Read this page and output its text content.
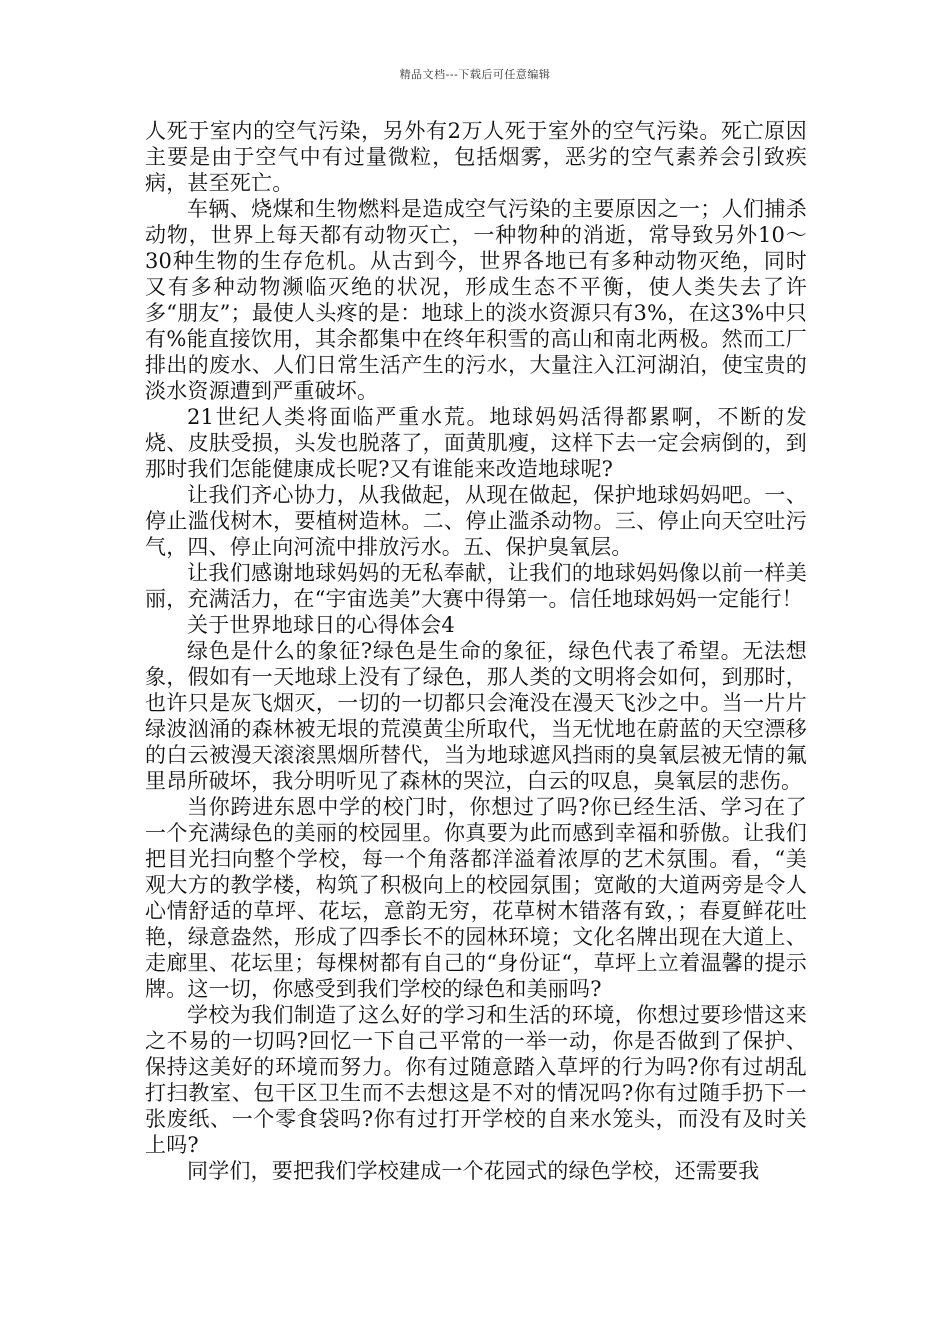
精品文档---下载后可任意编辑

人死于室内的空气污染，另外有2万人死于室外的空气污染。死亡原因主要是由于空气中有过量微粒，包括烟雾，恶劣的空气素养会引致疾病，甚至死亡。

车辆、烧煤和生物燃料是造成空气污染的主要原因之一；人们捕杀动物，世界上每天都有动物灭亡，一种物种的消逝，常导致另外10～30种生物的生存危机。从古到今，世界各地已有多种动物灭绝，同时又有多种动物濒临灭绝的状况，形成生态不平衡，使人类失去了许多“朋友”；最使人头疼的是：地球上的淡水资源只有3%，在这3%中只有%能直接饮用，其余都集中在终年积雪的高山和南北两极。然而工厂排出的废水、人们日常生活产生的污水，大量注入江河湖泊，使宝贵的淡水资源遭到严重破坏。

21世纪人类将面临严重水荒。地球妈妈活得都累啊，不断的发烧、皮肤受损，头发也脱落了，面黄肌瘦，这样下去一定会病倒的，到那时我们怎能健康成长呢?又有谁能来改造地球呢?

让我们齐心协力，从我做起，从现在做起，保护地球妈妈吧。一、停止滥伐树木，要植树造林。二、停止滥杀动物。三、停止向天空吐污气，四、停止向河流中排放污水。五、保护臭氧层。

让我们感谢地球妈妈的无私奉献，让我们的地球妈妈像以前一样美丽，充满活力，在“宇宙选美”大赛中得第一。信任地球妈妈一定能行！

关于世界地球日的心得体会4

绿色是什么的象征?绿色是生命的象征，绿色代表了希望。无法想象，假如有一天地球上没有了绿色，那人类的文明将会如何，到那时，也许只是灰飞烟灭，一切的一切都只会淹没在漫天飞沙之中。当一片片绿波汹涌的森林被无垠的荒漠黄尘所取代，当无忧地在蔚蓝的天空漂移的白云被漫天滚滚黑烟所替代，当为地球遮风挡雨的臭氧层被无情的氟里昂所破坏，我分明听见了森林的哭泣，白云的叹息，臭氧层的悲伤。

当你跨进东恩中学的校门时，你想过了吗?你已经生活、学习在了一个充满绿色的美丽的校园里。你真要为此而感到幸福和骄傲。让我们把目光扫向整个学校，每一个角落都洋溢着浓厚的艺术氛围。看，“美观大方的教学楼，构筑了积极向上的校园氛围；宽敞的大道两旁是令人心情舒适的草坪、花坛，意韵无穷，花草树木错落有致，；春夏鲜花吐艳，绿意盎然，形成了四季长不的园林环境；文化名牌出现在大道上、走廊里、花坛里；每棵树都有自己的“身份证“，草坪上立着温馨的提示牌。这一切，你感受到我们学校的绿色和美丽吗?

学校为我们制造了这么好的学习和生活的环境，你想过要珍惜这来之不易的一切吗?回忆一下自己平常的一举一动，你是否做到了保护、保持这美好的环境而努力。你有过随意踏入草坪的行为吗?你有过胡乱打扫教室、包干区卫生而不去想这是不对的情况吗?你有过随手扔下一张废纸、一个零食袋吗?你有过打开学校的自来水笼头，而没有及时关上吗?

同学们，要把我们学校建成一个花园式的绿色学校，还需要我
